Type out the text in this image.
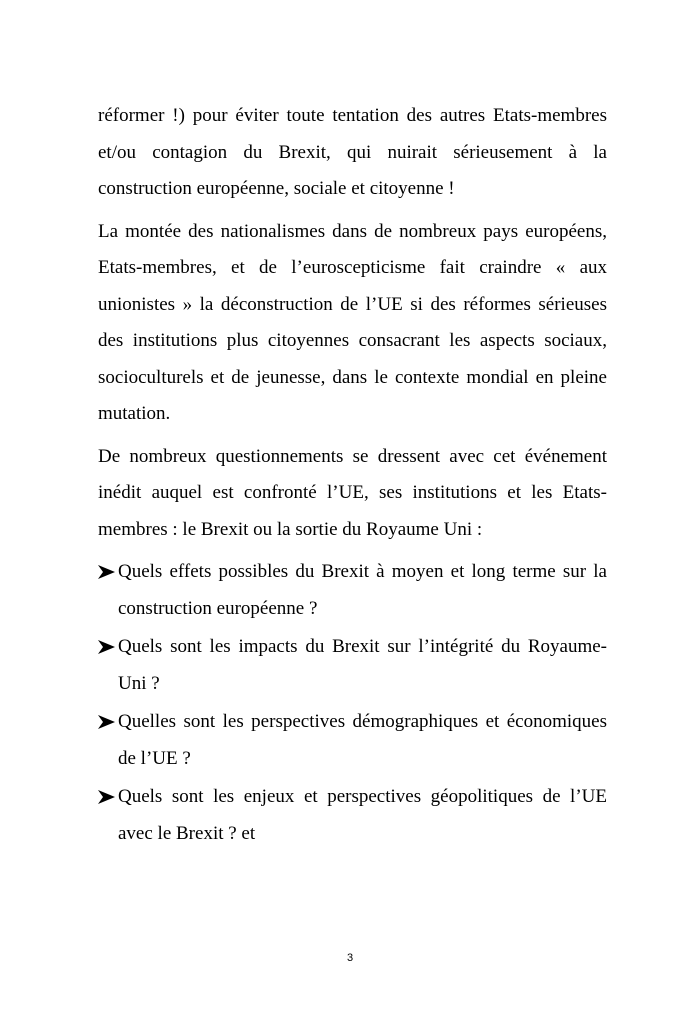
réformer !) pour éviter toute tentation des autres Etats-membres et/ou contagion du Brexit, qui nuirait sérieusement à la construction européenne, sociale et citoyenne !

La montée des nationalismes dans de nombreux pays européens, Etats-membres, et de l’euroscepticisme fait craindre « aux unionistes » la déconstruction de l’UE si des réformes sérieuses des institutions plus citoyennes consacrant les aspects sociaux, socioculturels et de jeunesse, dans le contexte mondial en pleine mutation.

De nombreux questionnements se dressent avec cet événement inédit auquel est confronté l’UE, ses institutions et les Etats-membres : le Brexit ou la sortie du Royaume Uni :

Quels effets possibles du Brexit à moyen et long terme sur la construction européenne ?
Quels sont les impacts du Brexit sur l’intégrité du Royaume-Uni ?
Quelles sont les perspectives démographiques et économiques de l’UE ?
Quels sont les enjeux et perspectives géopolitiques de l’UE avec le Brexit ? et
3
